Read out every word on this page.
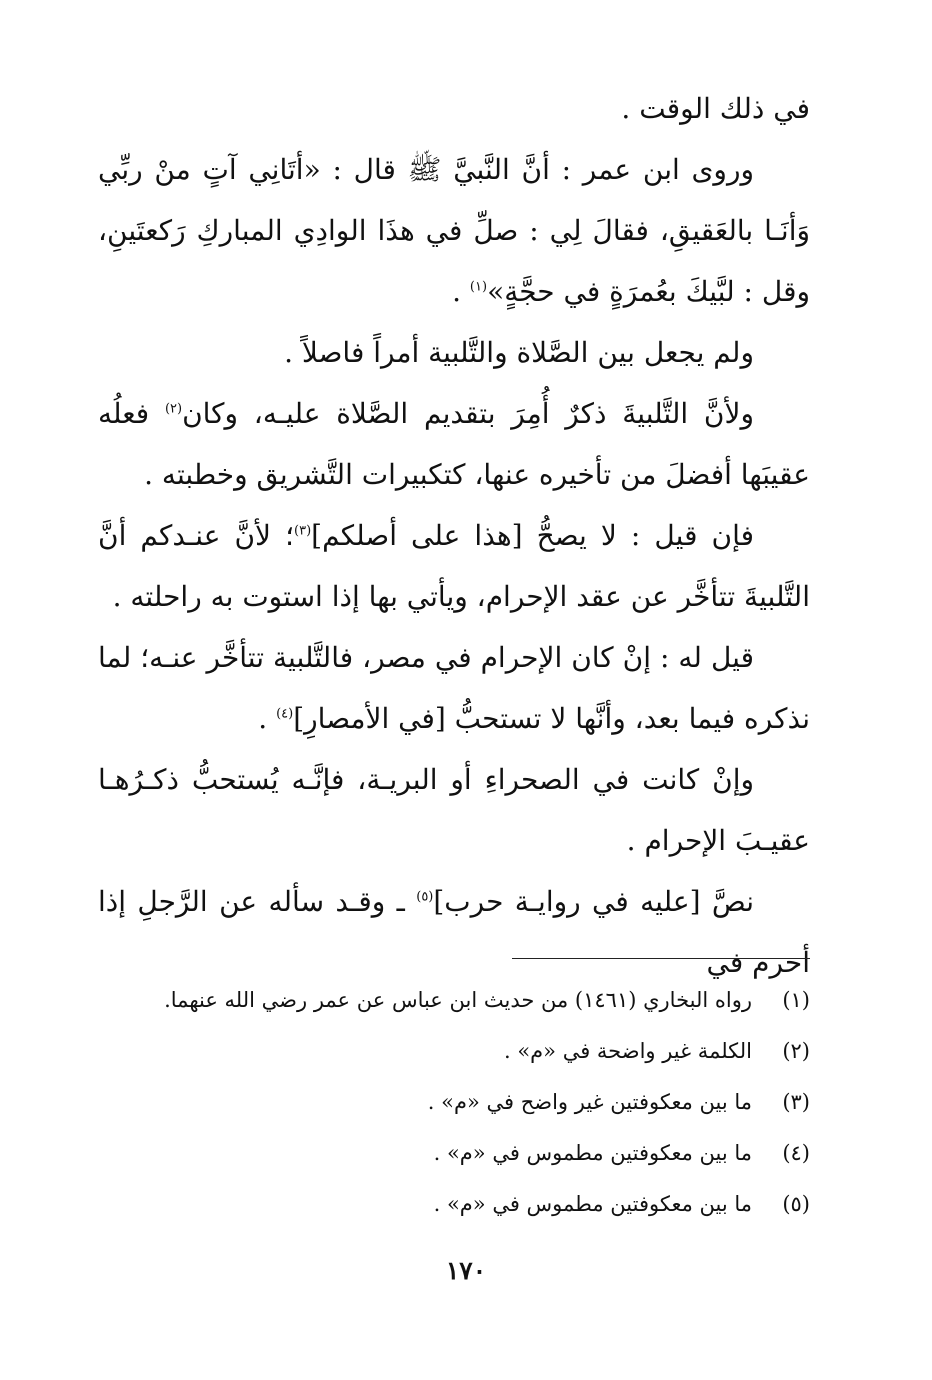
في ذلك الوقت .

وروى ابن عمر : أنَّ النَّبيَّ ﷺ قال : «أتَانِي آتٍ منْ ربِّي وَأنَـا بالعَقيقِ، فقالَ لِي : صلِّ في هذَا الوادِي المباركِ رَكعتَينِ، وقل : لبَّيكَ بعُمرَةٍ في حجَّةٍ»$^{(١)}$ .

ولم يجعل بين الصَّلاة والتَّلبية أمراً فاصلاً .

ولأنَّ التَّلبيةَ ذكرٌ أُمِرَ بتقديم الصَّلاة عليـه، وكان$^{(٢)}$ فعلُه عقيبَها أفضلَ من تأخيره عنها، كتكبيرات التَّشريق وخطبته .

فإن قيل : لا يصحُّ [هذا على أصلكم]$^{(٣)}$؛ لأنَّ عنـدكم أنَّ التَّلبيةَ تتأخَّر عن عقد الإحرام، ويأتي بها إذا استوت به راحلته .

قيل له : إنْ كان الإحرام في مصر، فالتَّلبية تتأخَّر عنـه؛ لما نذكره فيما بعد، وأنَّها لا تستحبُّ [في الأمصارِ]$^{(٤)}$ .

وإنْ كانت في الصحراءِ أو البريـة، فإنَّـه يُستحبُّ ذكـرُهـا عقيـبَ الإحرام .

نصَّ [عليه في روايـة حرب]$^{(٥)}$ ـ وقـد سأله عن الرَّجلِ إذا أحرم في

(١)رواه البخاري (١٤٦١) من حديث ابن عباس عن عمر رضي الله عنهما.
(٢)الكلمة غير واضحة في «م» .
(٣)ما بين معكوفتين غير واضح في «م» .
(٤)ما بين معكوفتين مطموس في «م» .
(٥)ما بين معكوفتين مطموس في «م» .
١٧٠
